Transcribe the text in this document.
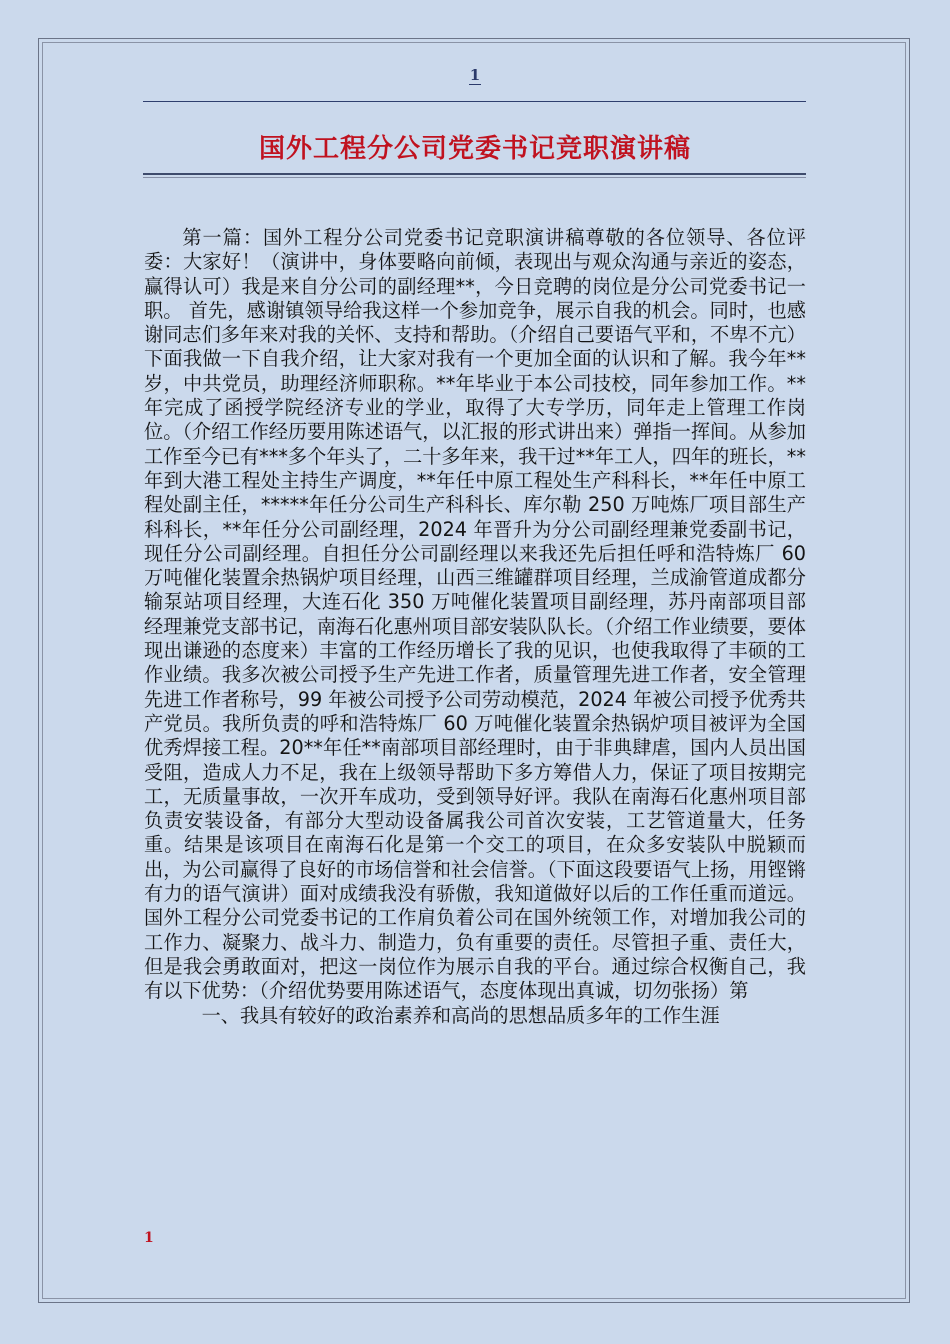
1
国外工程分公司党委书记竞职演讲稿

第一篇：国外工程分公司党委书记竞职演讲稿尊敬的各位领导、各位评委：大家好！（演讲中，身体要略向前倾，表现出与观众沟通与亲近的姿态，赢得认可）我是来自分公司的副经理**，今日竞聘的岗位是分公司党委书记一职。 首先，感谢镇领导给我这样一个参加竞争，展示自我的机会。同时，也感谢同志们多年来对我的关怀、支持和帮助。（介绍自己要语气平和，不卑不亢）下面我做一下自我介绍，让大家对我有一个更加全面的认识和了解。我今年**岁，中共党员，助理经济师职称。**年毕业于本公司技校，同年参加工作。**年完成了函授学院经济专业的学业，取得了大专学历，同年走上管理工作岗位。（介绍工作经历要用陈述语气，以汇报的形式讲出来）弹指一挥间。从参加工作至今已有***多个年头了，二十多年来，我干过**年工人，四年的班长，**年到大港工程处主持生产调度，**年任中原工程处生产科科长，**年任中原工程处副主任，*****年任分公司生产科科长、库尔勒 250 万吨炼厂项目部生产科科长，**年任分公司副经理，2024 年晋升为分公司副经理兼党委副书记，现任分公司副经理。自担任分公司副经理以来我还先后担任呼和浩特炼厂 60 万吨催化装置余热锅炉项目经理，山西三维罐群项目经理，兰成渝管道成都分输泵站项目经理，大连石化 350 万吨催化装置项目副经理，苏丹南部项目部经理兼党支部书记，南海石化惠州项目部安装队队长。（介绍工作业绩要，要体现出谦逊的态度来）丰富的工作经历增长了我的见识，也使我取得了丰硕的工作业绩。我多次被公司授予生产先进工作者，质量管理先进工作者，安全管理先进工作者称号，99 年被公司授予公司劳动模范，2024 年被公司授予优秀共产党员。我所负责的呼和浩特炼厂 60 万吨催化装置余热锅炉项目被评为全国优秀焊接工程。20**年任**南部项目部经理时，由于非典肆虐，国内人员出国受阻，造成人力不足，我在上级领导帮助下多方筹借人力，保证了项目按期完工，无质量事故，一次开车成功，受到领导好评。我队在南海石化惠州项目部负责安装设备，有部分大型动设备属我公司首次安装，工艺管道量大，任务重。结果是该项目在南海石化是第一个交工的项目，在众多安装队中脱颖而出，为公司赢得了良好的市场信誉和社会信誉。（下面这段要语气上扬，用铿锵有力的语气演讲）面对成绩我没有骄傲，我知道做好以后的工作任重而道远。国外工程分公司党委书记的工作肩负着公司在国外统领工作，对增加我公司的工作力、凝聚力、战斗力、制造力，负有重要的责任。尽管担子重、责任大，但是我会勇敢面对，把这一岗位作为展示自我的平台。通过综合权衡自己，我有以下优势：（介绍优势要用陈述语气，态度体现出真诚，切勿张扬）第

一、我具有较好的政治素养和高尚的思想品质多年的工作生涯

1
